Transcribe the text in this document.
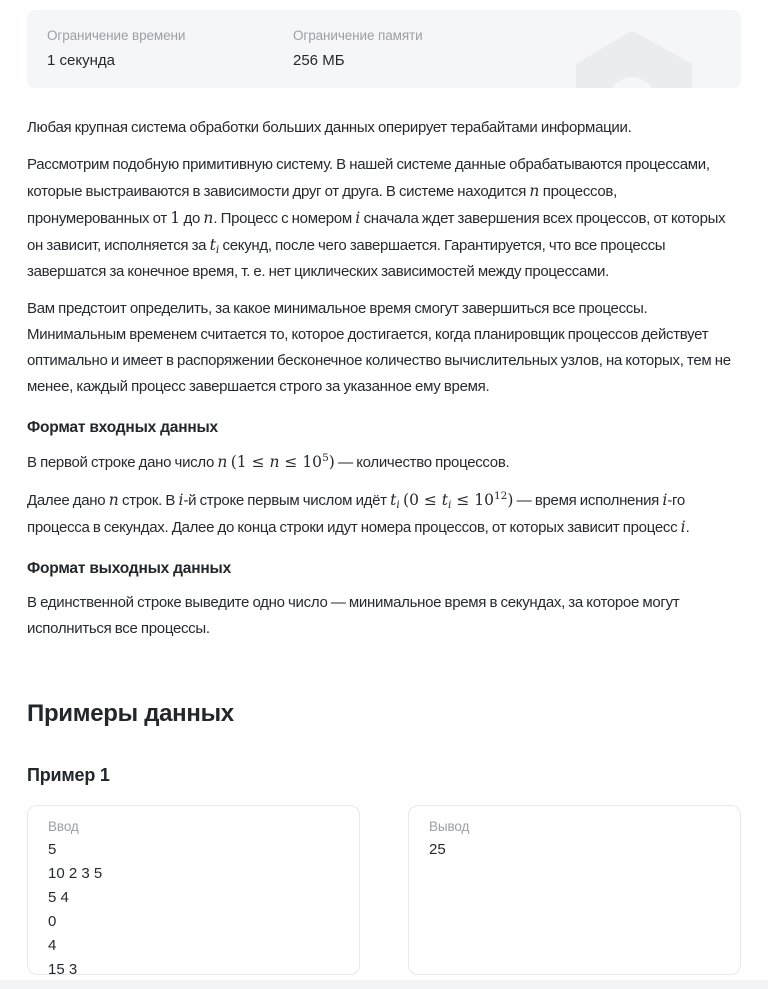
Ограничение времени
1 секунда
Ограничение памяти
256 МБ

Любая крупная система обработки больших данных оперирует терабайтами информации.

Рассмотрим подобную примитивную систему. В нашей системе данные обрабатываются процессами, которые выстраиваются в зависимости друг от друга. В системе находится n процессов, пронумерованных от 1 до n. Процесс с номером i сначала ждет завершения всех процессов, от которых он зависит, исполняется за $t_i$ секунд, после чего завершается. Гарантируется, что все процессы завершатся за конечное время, т. е. нет циклических зависимостей между процессами.

Вам предстоит определить, за какое минимальное время смогут завершиться все процессы. Минимальным временем считается то, которое достигается, когда планировщик процессов действует оптимально и имеет в распоряжении бесконечное количество вычислительных узлов, на которых, тем не менее, каждый процесс завершается строго за указанное ему время.

Формат входных данных

В первой строке дано число n $(1 \le n \le 10^5)$ — количество процессов.

Далее дано n строк. В i-й строке первым числом идёт $t_i$ $(0 \le t_i \le 10^{12})$ — время исполнения i-го процесса в секундах. Далее до конца строки идут номера процессов, от которых зависит процесс i.

Формат выходных данных

В единственной строке выведите одно число — минимальное время в секундах, за которое могут исполниться все процессы.

Примеры данных
Пример 1
Ввод
5
10 2 3 5
5 4
0
4
15 3
Вывод
25
